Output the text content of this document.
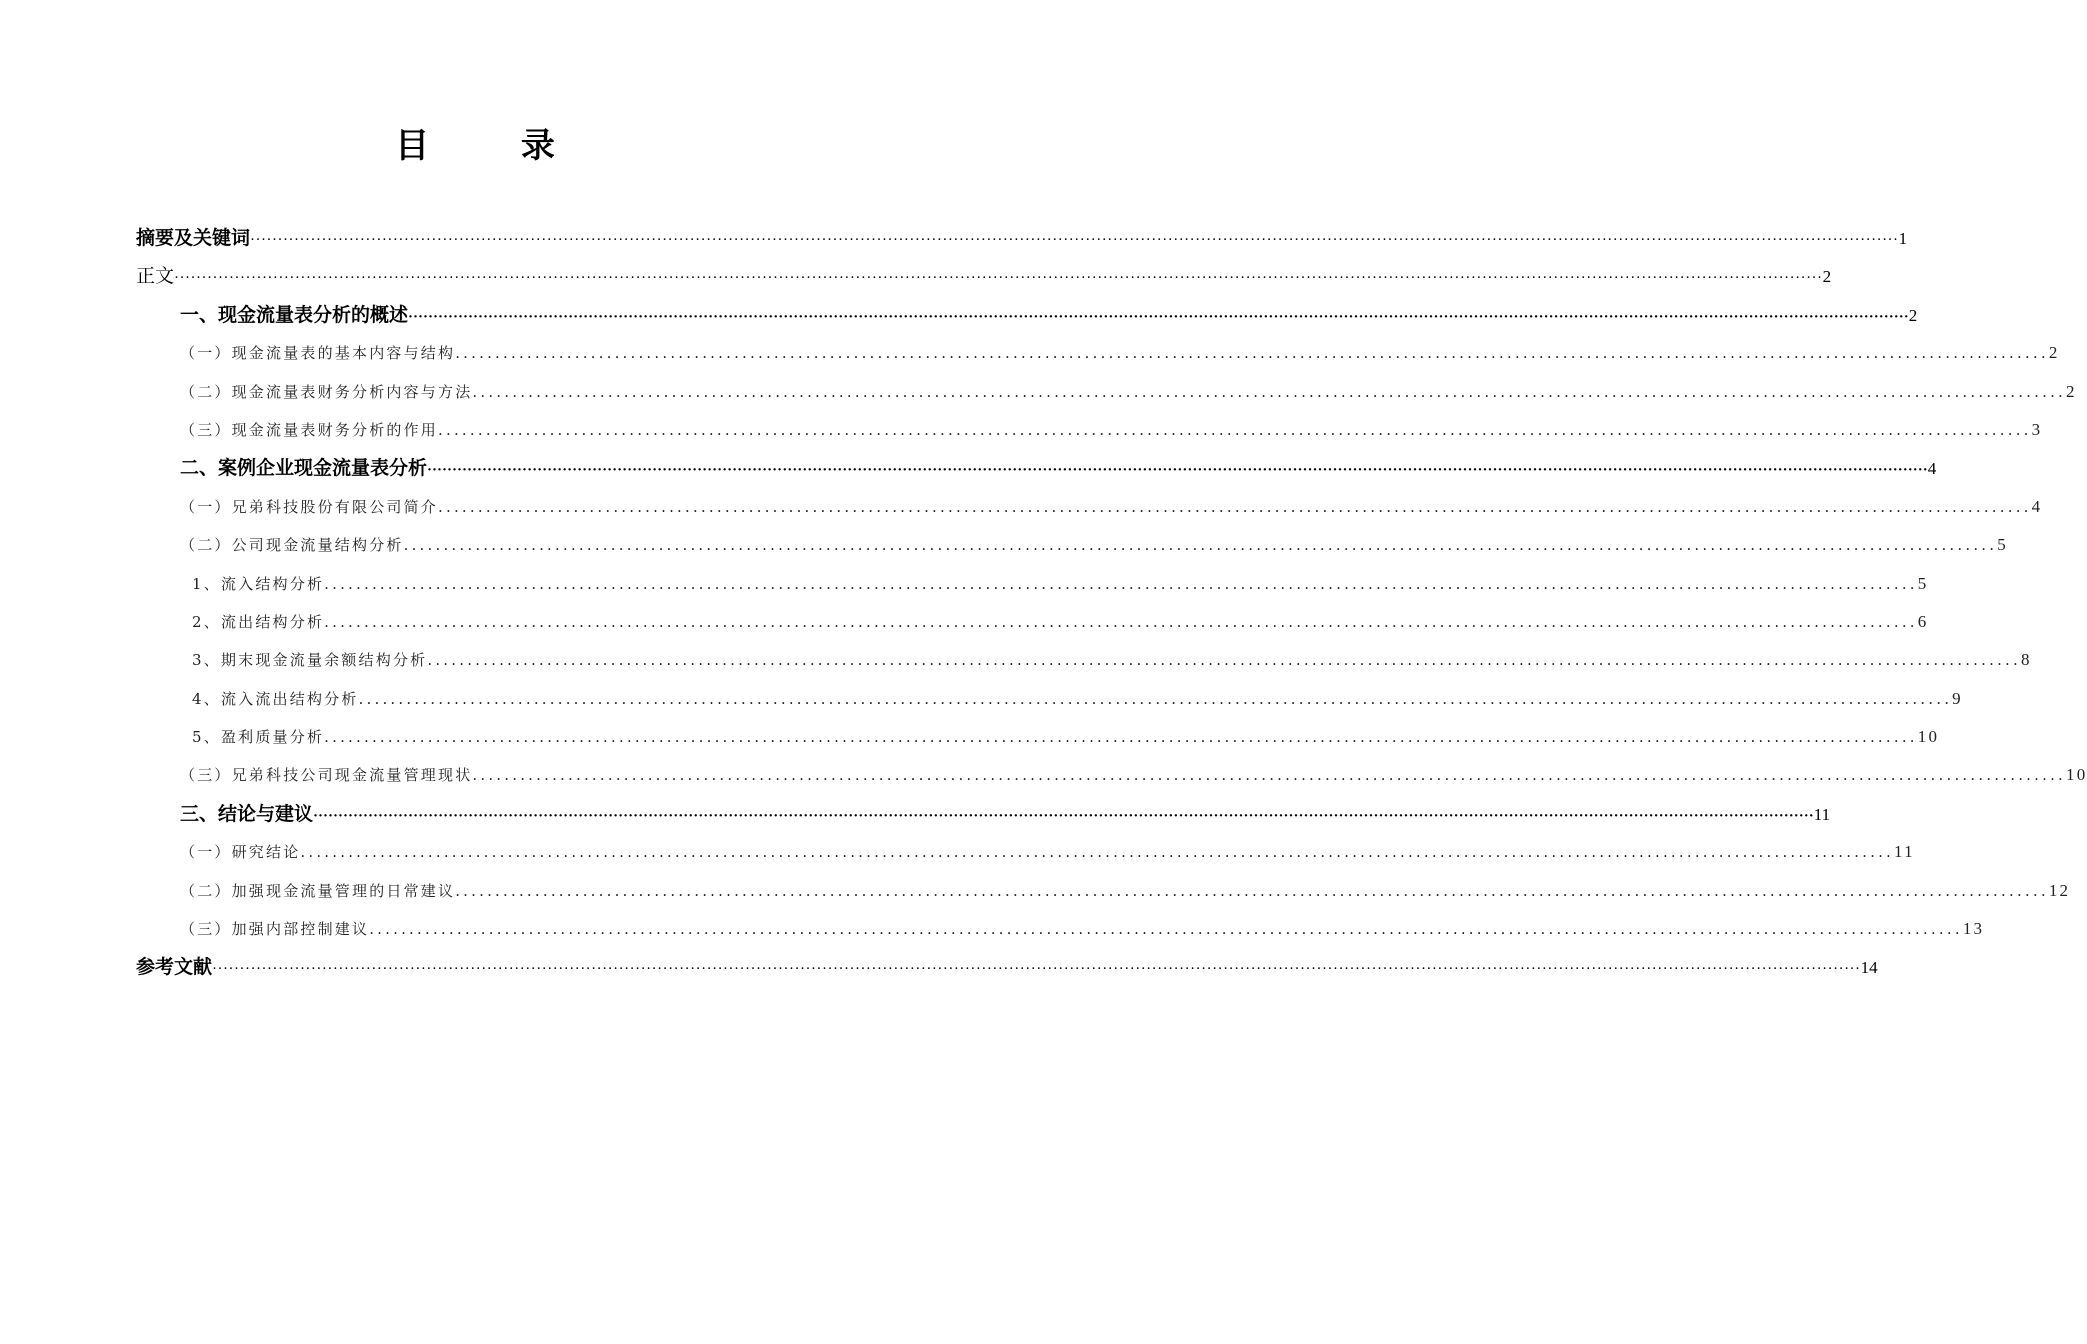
目 录
摘要及关键词 ············································································································································································································································································································ 1
正文 ············································································································································································································································································································ 2
一、现金流量表分析的概述 ············································································································································································································································································································ 2
（一）现金流量表的基本内容与结构 ........................................................................................................................................................................................................ 2
（二）现金流量表财务分析内容与方法 ........................................................................................................................................................................................................ 2
（三）现金流量表财务分析的作用 ........................................................................................................................................................................................................ 3
二、案例企业现金流量表分析 ············································································································································································································································································································ 4
（一）兄弟科技股份有限公司简介 ........................................................................................................................................................................................................ 4
（二）公司现金流量结构分析 ........................................................................................................................................................................................................ 5
1、流入结构分析 ........................................................................................................................................................................................................ 5
2、流出结构分析 ........................................................................................................................................................................................................ 6
3、期末现金流量余额结构分析 ........................................................................................................................................................................................................ 8
4、流入流出结构分析 ........................................................................................................................................................................................................ 9
5、盈利质量分析 ........................................................................................................................................................................................................ 10
（三）兄弟科技公司现金流量管理现状 ........................................................................................................................................................................................................ 10
三、结论与建议 ············································································································································································································································································································ 11
（一）研究结论 ........................................................................................................................................................................................................ 11
（二）加强现金流量管理的日常建议 ........................................................................................................................................................................................................ 12
（三）加强内部控制建议 ........................................................................................................................................................................................................ 13
参考文献 ············································································································································································································································································································ 14
